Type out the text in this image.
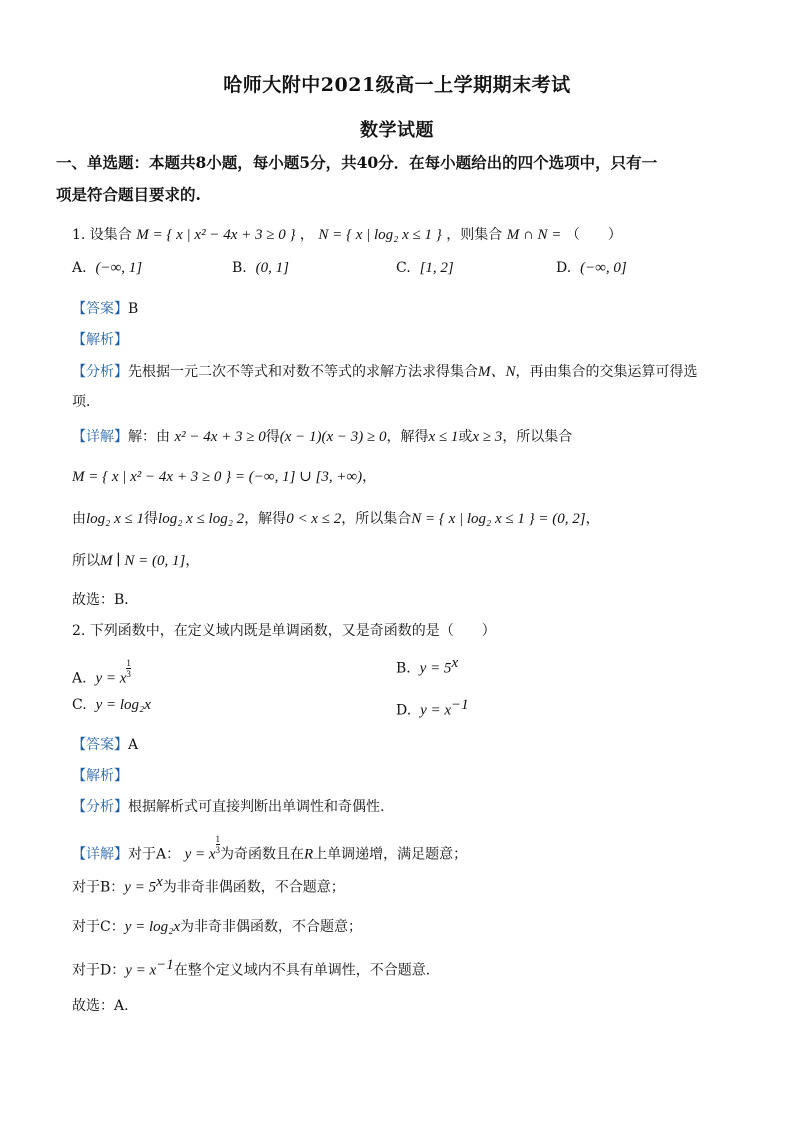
哈师大附中2021级高一上学期期末考试
数学试题
一、单选题：本题共8小题，每小题5分，共40分．在每小题给出的四个选项中，只有一
项是符合题目要求的.
1. 设集合 M = { x | x² − 4x + 3 ≥ 0 } ， N = { x | log₂ x ≤ 1 } ，则集合 M ∩ N = （　　）
A. (−∞, 1]	B. (0, 1]	C. [1, 2]	D. (−∞, 0]
【答案】B
【解析】
【分析】先根据一元二次不等式和对数不等式的求解方法求得集合M、N，再由集合的交集运算可得选
项．
【详解】解：由 x² − 4x + 3 ≥ 0得(x − 1)(x − 3) ≥ 0，解得x ≤ 1或x ≥ 3，所以集合
M = { x | x² − 4x + 3 ≥ 0 } = (−∞, 1] ∪ [3, +∞)，
由log₂ x ≤ 1得log₂ x ≤ log₂ 2，解得0 < x ≤ 2，所以集合N = { x | log₂ x ≤ 1 } = (0, 2]，
所以M ∣ N = (0, 1]，
故选：B．
2. 下列函数中，在定义域内既是单调函数，又是奇函数的是（　　）
A. y = x $\frac{1}{3}$	B. $y = 5^x$
C. y = log₂x	D. $y = x^{-1}$
【答案】A
【解析】
【分析】根据解析式可直接判断出单调性和奇偶性.
【详解】对于A： y = x $\frac{1}{3}$ 为奇函数且在R上单调递增，满足题意；
对于B：$y = 5^x$为非奇非偶函数，不合题意；
对于C：y = log₂x为非奇非偶函数，不合题意；
对于D：$y = x^{-1}$在整个定义域内不具有单调性，不合题意.
故选：A.
